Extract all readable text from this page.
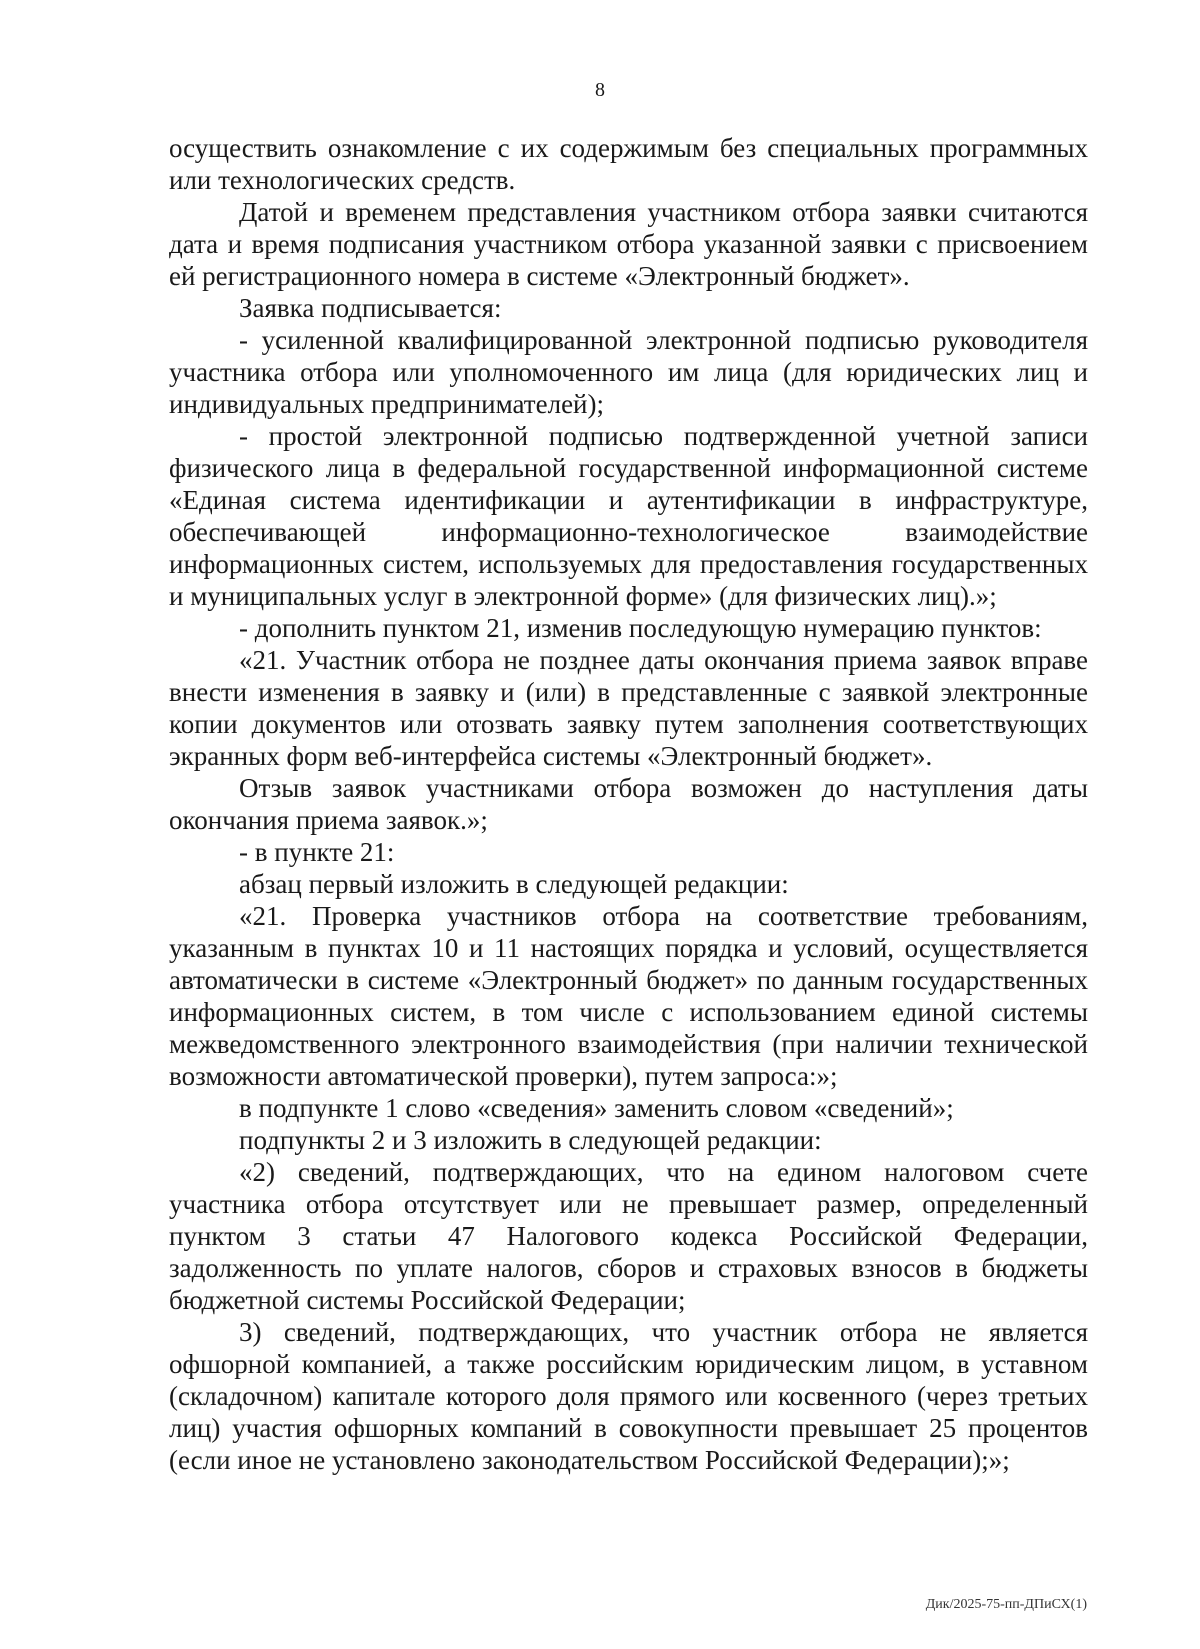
8

осуществить ознакомление с их содержимым без специальных программных или технологических средств.

Датой и временем представления участником отбора заявки считаются дата и время подписания участником отбора указанной заявки с присвоением ей регистрационного номера в системе «Электронный бюджет».

Заявка подписывается:

- усиленной квалифицированной электронной подписью руководителя участника отбора или уполномоченного им лица (для юридических лиц и индивидуальных предпринимателей);

- простой электронной подписью подтвержденной учетной записи физического лица в федеральной государственной информационной системе «Единая система идентификации и аутентификации в инфраструктуре, обеспечивающей информационно-технологическое взаимодействие информационных систем, используемых для предоставления государственных и муниципальных услуг в электронной форме» (для физических лиц).»;

- дополнить пунктом 21, изменив последующую нумерацию пунктов:

«21. Участник отбора не позднее даты окончания приема заявок вправе внести изменения в заявку и (или) в представленные с заявкой электронные копии документов или отозвать заявку путем заполнения соответствующих экранных форм веб-интерфейса системы «Электронный бюджет».

Отзыв заявок участниками отбора возможен до наступления даты окончания приема заявок.»;

- в пункте 21:

абзац первый изложить в следующей редакции:

«21. Проверка участников отбора на соответствие требованиям, указанным в пунктах 10 и 11 настоящих порядка и условий, осуществляется автоматически в системе «Электронный бюджет» по данным государственных информационных систем, в том числе с использованием единой системы межведомственного электронного взаимодействия (при наличии технической возможности автоматической проверки), путем запроса:»;

в подпункте 1 слово «сведения» заменить словом «сведений»;

подпункты 2 и 3 изложить в следующей редакции:

«2) сведений, подтверждающих, что на едином налоговом счете участника отбора отсутствует или не превышает размер, определенный пунктом 3 статьи 47 Налогового кодекса Российской Федерации, задолженность по уплате налогов, сборов и страховых взносов в бюджеты бюджетной системы Российской Федерации;

3) сведений, подтверждающих, что участник отбора не является офшорной компанией, а также российским юридическим лицом, в уставном (складочном) капитале которого доля прямого или косвенного (через третьих лиц) участия офшорных компаний в совокупности превышает 25 процентов (если иное не установлено законодательством Российской Федерации);»;

Дик/2025-75-пп-ДПиСХ(1)
